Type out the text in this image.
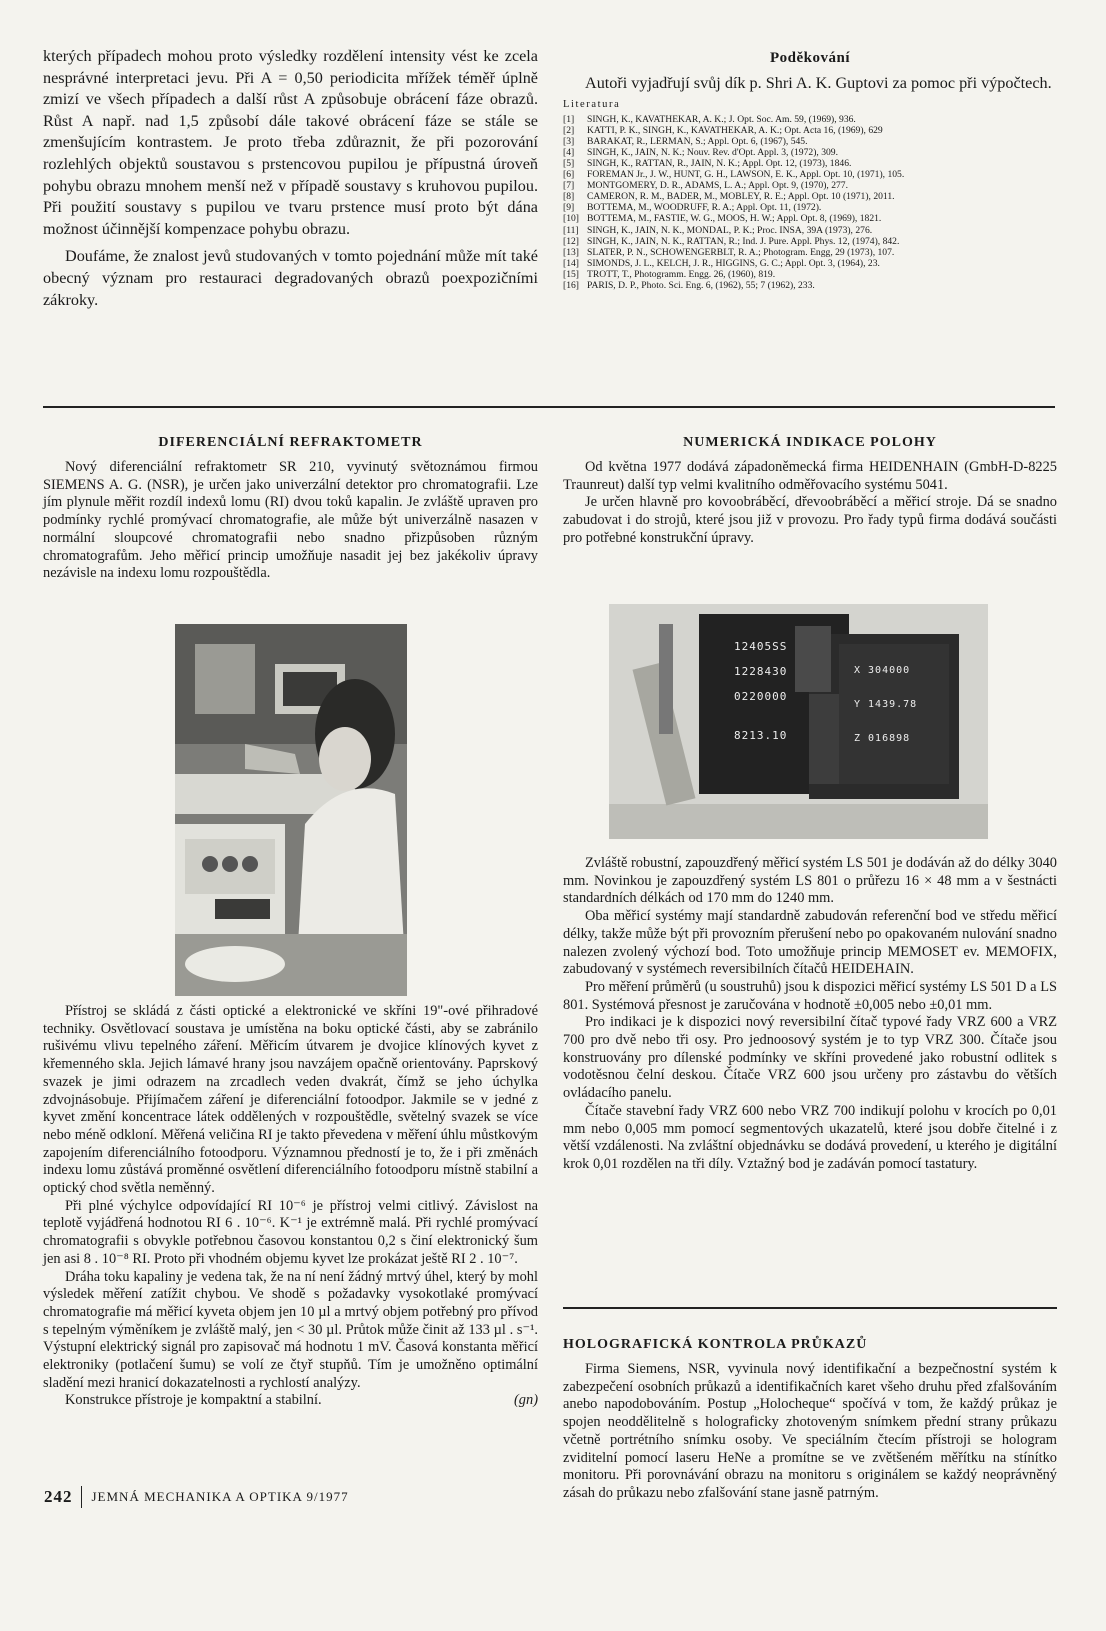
kterých případech mohou proto výsledky rozdělení intensity vést ke zcela nesprávné interpretaci jevu. Při A = 0,50 periodicita mřížek téměř úplně zmizí ve všech případech a další růst A způsobuje obrácení fáze obrazů. Růst A např. nad 1,5 způsobí dále takové obrácení fáze se stále se zmenšujícím kontrastem. Je proto třeba zdůraznit, že při pozorování rozlehlých objektů soustavou s prstencovou pupilou je přípustná úroveň pohybu obrazu mnohem menší než v případě soustavy s kruhovou pupilou. Při použití soustavy s pupilou ve tvaru prstence musí proto být dána možnost účinnější kompenzace pohybu obrazu.

Doufáme, že znalost jevů studovaných v tomto pojednání může mít také obecný význam pro restauraci degradovaných obrazů poexpozičními zákroky.

Poděkování

Autoři vyjadřují svůj dík p. Shri A. K. Guptovi za pomoc při výpočtech.

Literatura
[1]	SINGH, K., KAVATHEKAR, A. K.; J. Opt. Soc. Am. 59, (1969), 936.
[2]	KATTI, P. K., SINGH, K., KAVATHEKAR, A. K.; Opt. Acta 16, (1969), 629
[3]	BARAKAT, R., LERMAN, S.; Appl. Opt. 6, (1967), 545.
[4]	SINGH, K., JAIN, N. K.; Nouv. Rev. d'Opt. Appl. 3, (1972), 309.
[5]	SINGH, K., RATTAN, R., JAIN, N. K.; Appl. Opt. 12, (1973), 1846.
[6]	FOREMAN Jr., J. W., HUNT, G. H., LAWSON, E. K., Appl. Opt. 10, (1971), 105.
[7]	MONTGOMERY, D. R., ADAMS, L. A.; Appl. Opt. 9, (1970), 277.
[8]	CAMERON, R. M., BADER, M., MOBLEY, R. E.; Appl. Opt. 10 (1971), 2011.
[9]	BOTTEMA, M., WOODRUFF, R. A.; Appl. Opt. 11, (1972).
[10] BOTTEMA, M., FASTIE, W. G., MOOS, H. W.; Appl. Opt. 8, (1969), 1821.
[11] SINGH, K., JAIN, N. K., MONDAL, P. K.; Proc. INSA, 39A (1973), 276.
[12] SINGH, K., JAIN, N. K., RATTAN, R.; Ind. J. Pure. Appl. Phys. 12, (1974), 842.
[13] SLATER, P. N., SCHOWENGERBLT, R. A.; Photogram. Engg, 29 (1973), 107.
[14] SIMONDS, J. L., KELCH, J. R., HIGGINS, G. C.; Appl. Opt. 3, (1964), 23.
[15] TROTT, T., Photogramm. Engg. 26, (1960), 819.
[16] PARIS, D. P., Photo. Sci. Eng. 6, (1962), 55; 7 (1962), 233.
DIFERENCIÁLNÍ REFRAKTOMETR

Nový diferenciální refraktometr SR 210, vyvinutý světoznámou firmou SIEMENS A. G. (NSR), je určen jako univerzální detektor pro chromatografii. Lze jím plynule měřit rozdíl indexů lomu (RI) dvou toků kapalin. Je zvláště upraven pro podmínky rychlé promývací chromatografie, ale může být univerzálně nasazen v normální sloupcové chromatografii nebo snadno přizpůsoben různým chromatografům. Jeho měřicí princip umožňuje nasadit jej bez jakékoliv úpravy nezávisle na indexu lomu rozpouštědla.

Přístroj se skládá z části optické a elektronické ve skříni 19"-ové přihradové techniky. Osvětlovací soustava je umístěna na boku optické části, aby se zabránilo rušivému vlivu tepelného záření. Měřicím útvarem je dvojice klínových kyvet z křemenného skla. Jejich lámavé hrany jsou navzájem opačně orientovány. Paprskový svazek je jimi odrazem na zrcadlech veden dvakrát, čímž se jeho úchylka zdvojnásobuje. Přijímačem záření je diferenciální fotoodpor. Jakmile se v jedné z kyvet změní koncentrace látek oddělených v rozpouštědle, světelný svazek se více nebo méně odkloní. Měřená veličina RI je takto převedena v měření úhlu můstkovým zapojením diferenciálního fotoodporu. Významnou předností je to, že i při změnách indexu lomu zůstává proměnné osvětlení diferenciálního fotoodporu místně stabilní a optický chod světla neměnný.

Při plné výchylce odpovídající RI 10⁻⁶ je přístroj velmi citlivý. Závislost na teplotě vyjádřená hodnotou RI 6 . 10⁻⁶. K⁻¹ je extrémně malá. Při rychlé promývací chromatografii s obvykle potřebnou časovou konstantou 0,2 s činí elektronický šum jen asi 8 . 10⁻⁸ RI. Proto při vhodném objemu kyvet lze prokázat ještě RI 2 . 10⁻⁷.

Dráha toku kapaliny je vedena tak, že na ní není žádný mrtvý úhel, který by mohl výsledek měření zatížit chybou. Ve shodě s požadavky vysokotlaké promývací chromatografie má měřicí kyveta objem jen 10 µl a mrtvý objem potřebný pro přívod s tepelným výměníkem je zvláště malý, jen < 30 µl. Průtok může činit až 133 µl . s⁻¹. Výstupní elektrický signál pro zapisovač má hodnotu 1 mV. Časová konstanta měřicí elektroniky (potlačení šumu) se volí ze čtyř stupňů. Tím je umožněno optimální sladění mezi hranicí dokazatelnosti a rychlostí analýzy.

Konstrukce přístroje je kompaktní a stabilní.	(gn)

NUMERICKÁ INDIKACE POLOHY

Od května 1977 dodává západoněmecká firma HEIDENHAIN (GmbH-D-8225 Traunreut) další typ velmi kvalitního odměřovacího systému 5041.

Je určen hlavně pro kovoobráběcí, dřevoobráběcí a měřicí stroje. Dá se snadno zabudovat i do strojů, které jsou již v provozu. Pro řady typů firma dodává součásti pro potřebné konstrukční úpravy.

12405SS
1228430
0220000
8213.10
X 304000
Y 1439.78
Z 016898

Zvláště robustní, zapouzdřený měřicí systém LS 501 je dodáván až do délky 3040 mm. Novinkou je zapouzdřený systém LS 801 o průřezu 16 × 48 mm a v šestnácti standardních délkách od 170 mm do 1240 mm.

Oba měřicí systémy mají standardně zabudován referenční bod ve středu měřicí délky, takže může být při provozním přerušení nebo po opakovaném nulování snadno nalezen zvolený výchozí bod. Toto umožňuje princip MEMOSET ev. MEMOFIX, zabudovaný v systémech reversibilních čítačů HEIDEHAIN.

Pro měření průměrů (u soustruhů) jsou k dispozici měřicí systémy LS 501 D a LS 801. Systémová přesnost je zaručována v hodnotě ±0,005 nebo ±0,01 mm.

Pro indikaci je k dispozici nový reversibilní čítač typové řady VRZ 600 a VRZ 700 pro dvě nebo tři osy. Pro jednoosový systém je to typ VRZ 300. Čítače jsou konstruovány pro dílenské podmínky ve skříni provedené jako robustní odlitek s vodotěsnou čelní deskou. Čítače VRZ 600 jsou určeny pro zástavbu do větších ovládacího panelu.

Čítače stavební řady VRZ 600 nebo VRZ 700 indikují polohu v krocích po 0,01 mm nebo 0,005 mm pomocí segmentových ukazatelů, které jsou dobře čitelné i z větší vzdálenosti. Na zvláštní objednávku se dodává provedení, u kterého je digitální krok 0,01 rozdělen na tři díly. Vztažný bod je zadáván pomocí tastatury.

HOLOGRAFICKÁ KONTROLA PRŮKAZŮ

Firma Siemens, NSR, vyvinula nový identifikační a bezpečnostní systém k zabezpečení osobních průkazů a identifikačních karet všeho druhu před zfalšováním anebo napodobováním. Postup „Holocheque“ spočívá v tom, že každý průkaz je spojen neoddělitelně s holograficky zhotoveným snímkem přední strany průkazu včetně portrétního snímku osoby. Ve speciálním čtecím přístroji se hologram zviditelní pomocí laseru HeNe a promítne se ve zvětšeném měřítku na stínítko monitoru. Při porovnávání obrazu na monitoru s originálem se každý neoprávněný zásah do průkazu nebo zfalšování stane jasně patrným.

242 JEMNÁ MECHANIKA A OPTIKA 9/1977
